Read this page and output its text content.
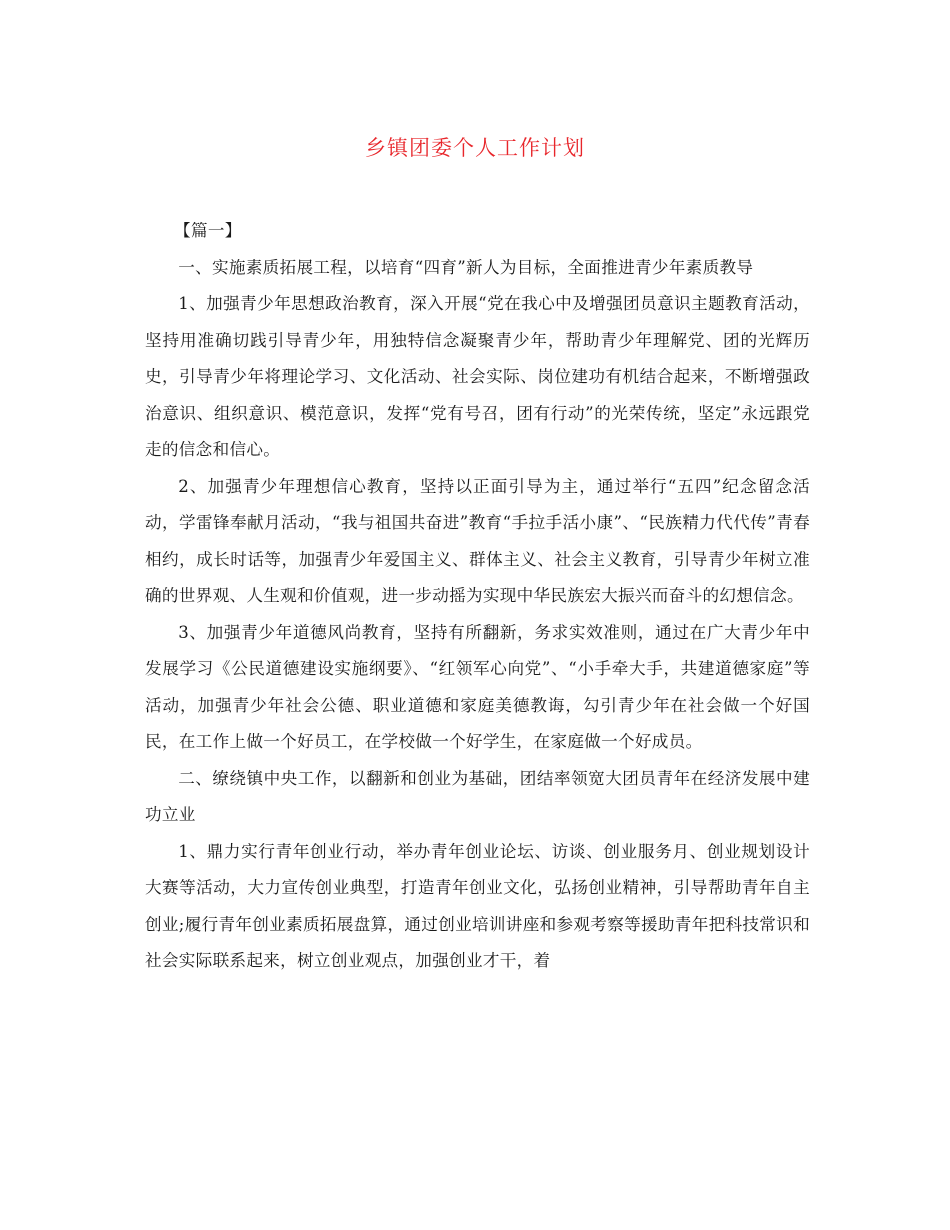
乡镇团委个人工作计划

【篇一】

一、实施素质拓展工程，以培育“四育”新人为目标，全面推进青少年素质教导

1、加强青少年思想政治教育，深入开展“党在我心中及增强团员意识主题教育活动，坚持用准确切践引导青少年，用独特信念凝聚青少年，帮助青少年理解党、团的光辉历史，引导青少年将理论学习、文化活动、社会实际、岗位建功有机结合起来，不断增强政治意识、组织意识、模范意识，发挥“党有号召，团有行动”的光荣传统，坚定”永远跟党走的信念和信心。

2、加强青少年理想信心教育，坚持以正面引导为主，通过举行“五四”纪念留念活动，学雷锋奉献月活动，“我与祖国共奋进”教育“手拉手活小康”、“民族精力代代传”青春相约，成长时话等，加强青少年爱国主义、群体主义、社会主义教育，引导青少年树立准确的世界观、人生观和价值观，进一步动摇为实现中华民族宏大振兴而奋斗的幻想信念。

3、加强青少年道德风尚教育，坚持有所翻新，务求实效准则，通过在广大青少年中发展学习《公民道德建设实施纲要》、“红领军心向党”、“小手牵大手，共建道德家庭”等活动，加强青少年社会公德、职业道德和家庭美德教诲，勾引青少年在社会做一个好国民，在工作上做一个好员工，在学校做一个好学生，在家庭做一个好成员。

二、缭绕镇中央工作，以翻新和创业为基础，团结率领宽大团员青年在经济发展中建功立业

1、鼎力实行青年创业行动，举办青年创业论坛、访谈、创业服务月、创业规划设计大赛等活动，大力宣传创业典型，打造青年创业文化，弘扬创业精神，引导帮助青年自主创业;履行青年创业素质拓展盘算，通过创业培训讲座和参观考察等援助青年把科技常识和社会实际联系起来，树立创业观点，加强创业才干，着
